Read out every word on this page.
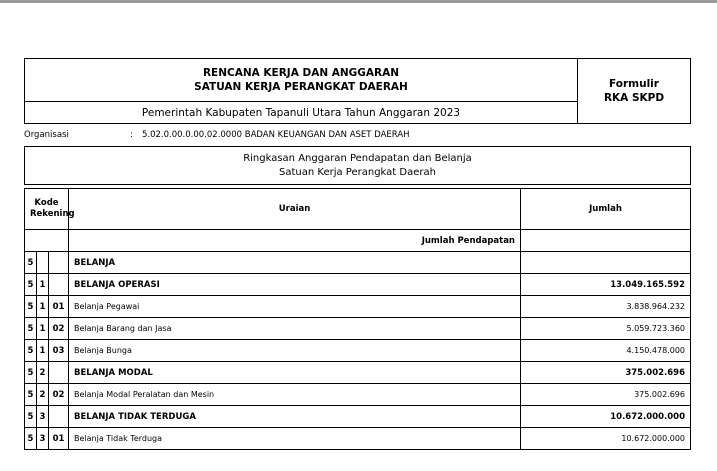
RENCANA KERJA DAN ANGGARAN
SATUAN KERJA PERANGKAT DAERAH	Formulir
RKA SKPD

Pemerintah Kabupaten Tapanuli Utara Tahun Anggaran 2023
Organisasi	:	5.02.0.00.0.00.02.0000 BADAN KEUANGAN DAN ASET DAERAH
Ringkasan Anggaran Pendapatan dan Belanja
Satuan Kerja Perangkat Daerah
Kode Rekening			Uraian	Jumlah
			Jumlah Pendapatan	
5			BELANJA	
5	1		BELANJA OPERASI	13.049.165.592
5	1	01	Belanja Pegawai	3.838.964.232
5	1	02	Belanja Barang dan Jasa	5.059.723.360
5	1	03	Belanja Bunga	4.150.478.000
5	2		BELANJA MODAL	375.002.696
5	2	02	Belanja Modal Peralatan dan Mesin	375.002.696
5	3		BELANJA TIDAK TERDUGA	10.672.000.000
5	3	01	Belanja Tidak Terduga	10.672.000.000
